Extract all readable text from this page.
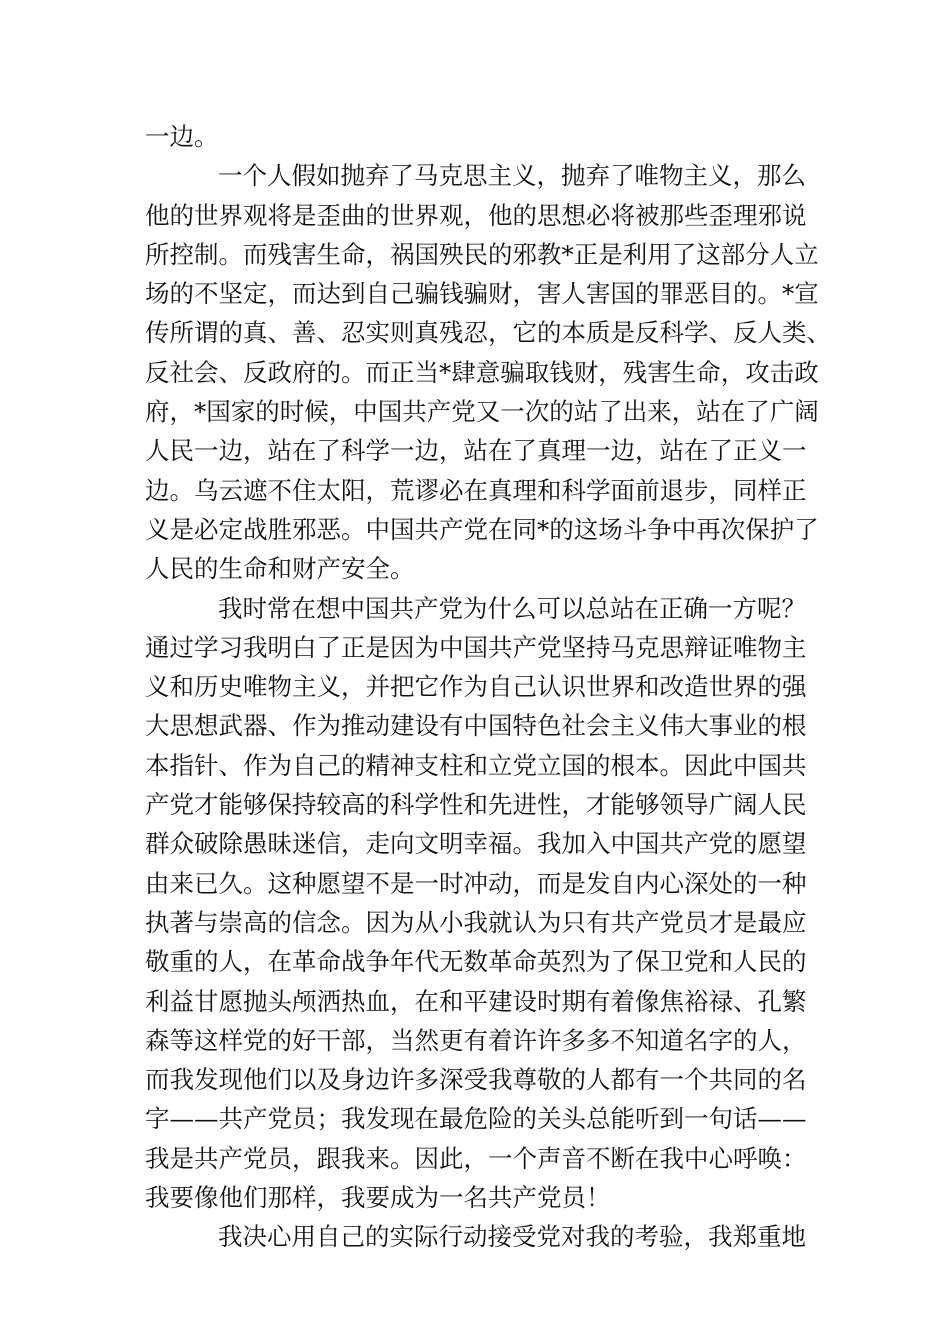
一边。
一个人假如抛弃了马克思主义，抛弃了唯物主义，那么
他的世界观将是歪曲的世界观，他的思想必将被那些歪理邪说
所控制。而残害生命，祸国殃民的邪教*正是利用了这部分人立
场的不坚定，而达到自己骗钱骗财，害人害国的罪恶目的。*宣
传所谓的真、善、忍实则真残忍，它的本质是反科学、反人类、
反社会、反政府的。而正当*肆意骗取钱财，残害生命，攻击政
府，*国家的时候，中国共产党又一次的站了出来，站在了广阔
人民一边，站在了科学一边，站在了真理一边，站在了正义一
边。乌云遮不住太阳，荒谬必在真理和科学面前退步，同样正
义是必定战胜邪恶。中国共产党在同*的这场斗争中再次保护了
人民的生命和财产安全。
我时常在想中国共产党为什么可以总站在正确一方呢？
通过学习我明白了正是因为中国共产党坚持马克思辩证唯物主
义和历史唯物主义，并把它作为自己认识世界和改造世界的强
大思想武器、作为推动建设有中国特色社会主义伟大事业的根
本指针、作为自己的精神支柱和立党立国的根本。因此中国共
产党才能够保持较高的科学性和先进性，才能够领导广阔人民
群众破除愚昧迷信，走向文明幸福。我加入中国共产党的愿望
由来已久。这种愿望不是一时冲动，而是发自内心深处的一种
执著与崇高的信念。因为从小我就认为只有共产党员才是最应
敬重的人，在革命战争年代无数革命英烈为了保卫党和人民的
利益甘愿抛头颅洒热血，在和平建设时期有着像焦裕禄、孔繁
森等这样党的好干部，当然更有着许许多多不知道名字的人，
而我发现他们以及身边许多深受我尊敬的人都有一个共同的名
字——共产党员；我发现在最危险的关头总能听到一句话——
我是共产党员，跟我来。因此，一个声音不断在我中心呼唤：
我要像他们那样，我要成为一名共产党员！
我决心用自己的实际行动接受党对我的考验，我郑重地
